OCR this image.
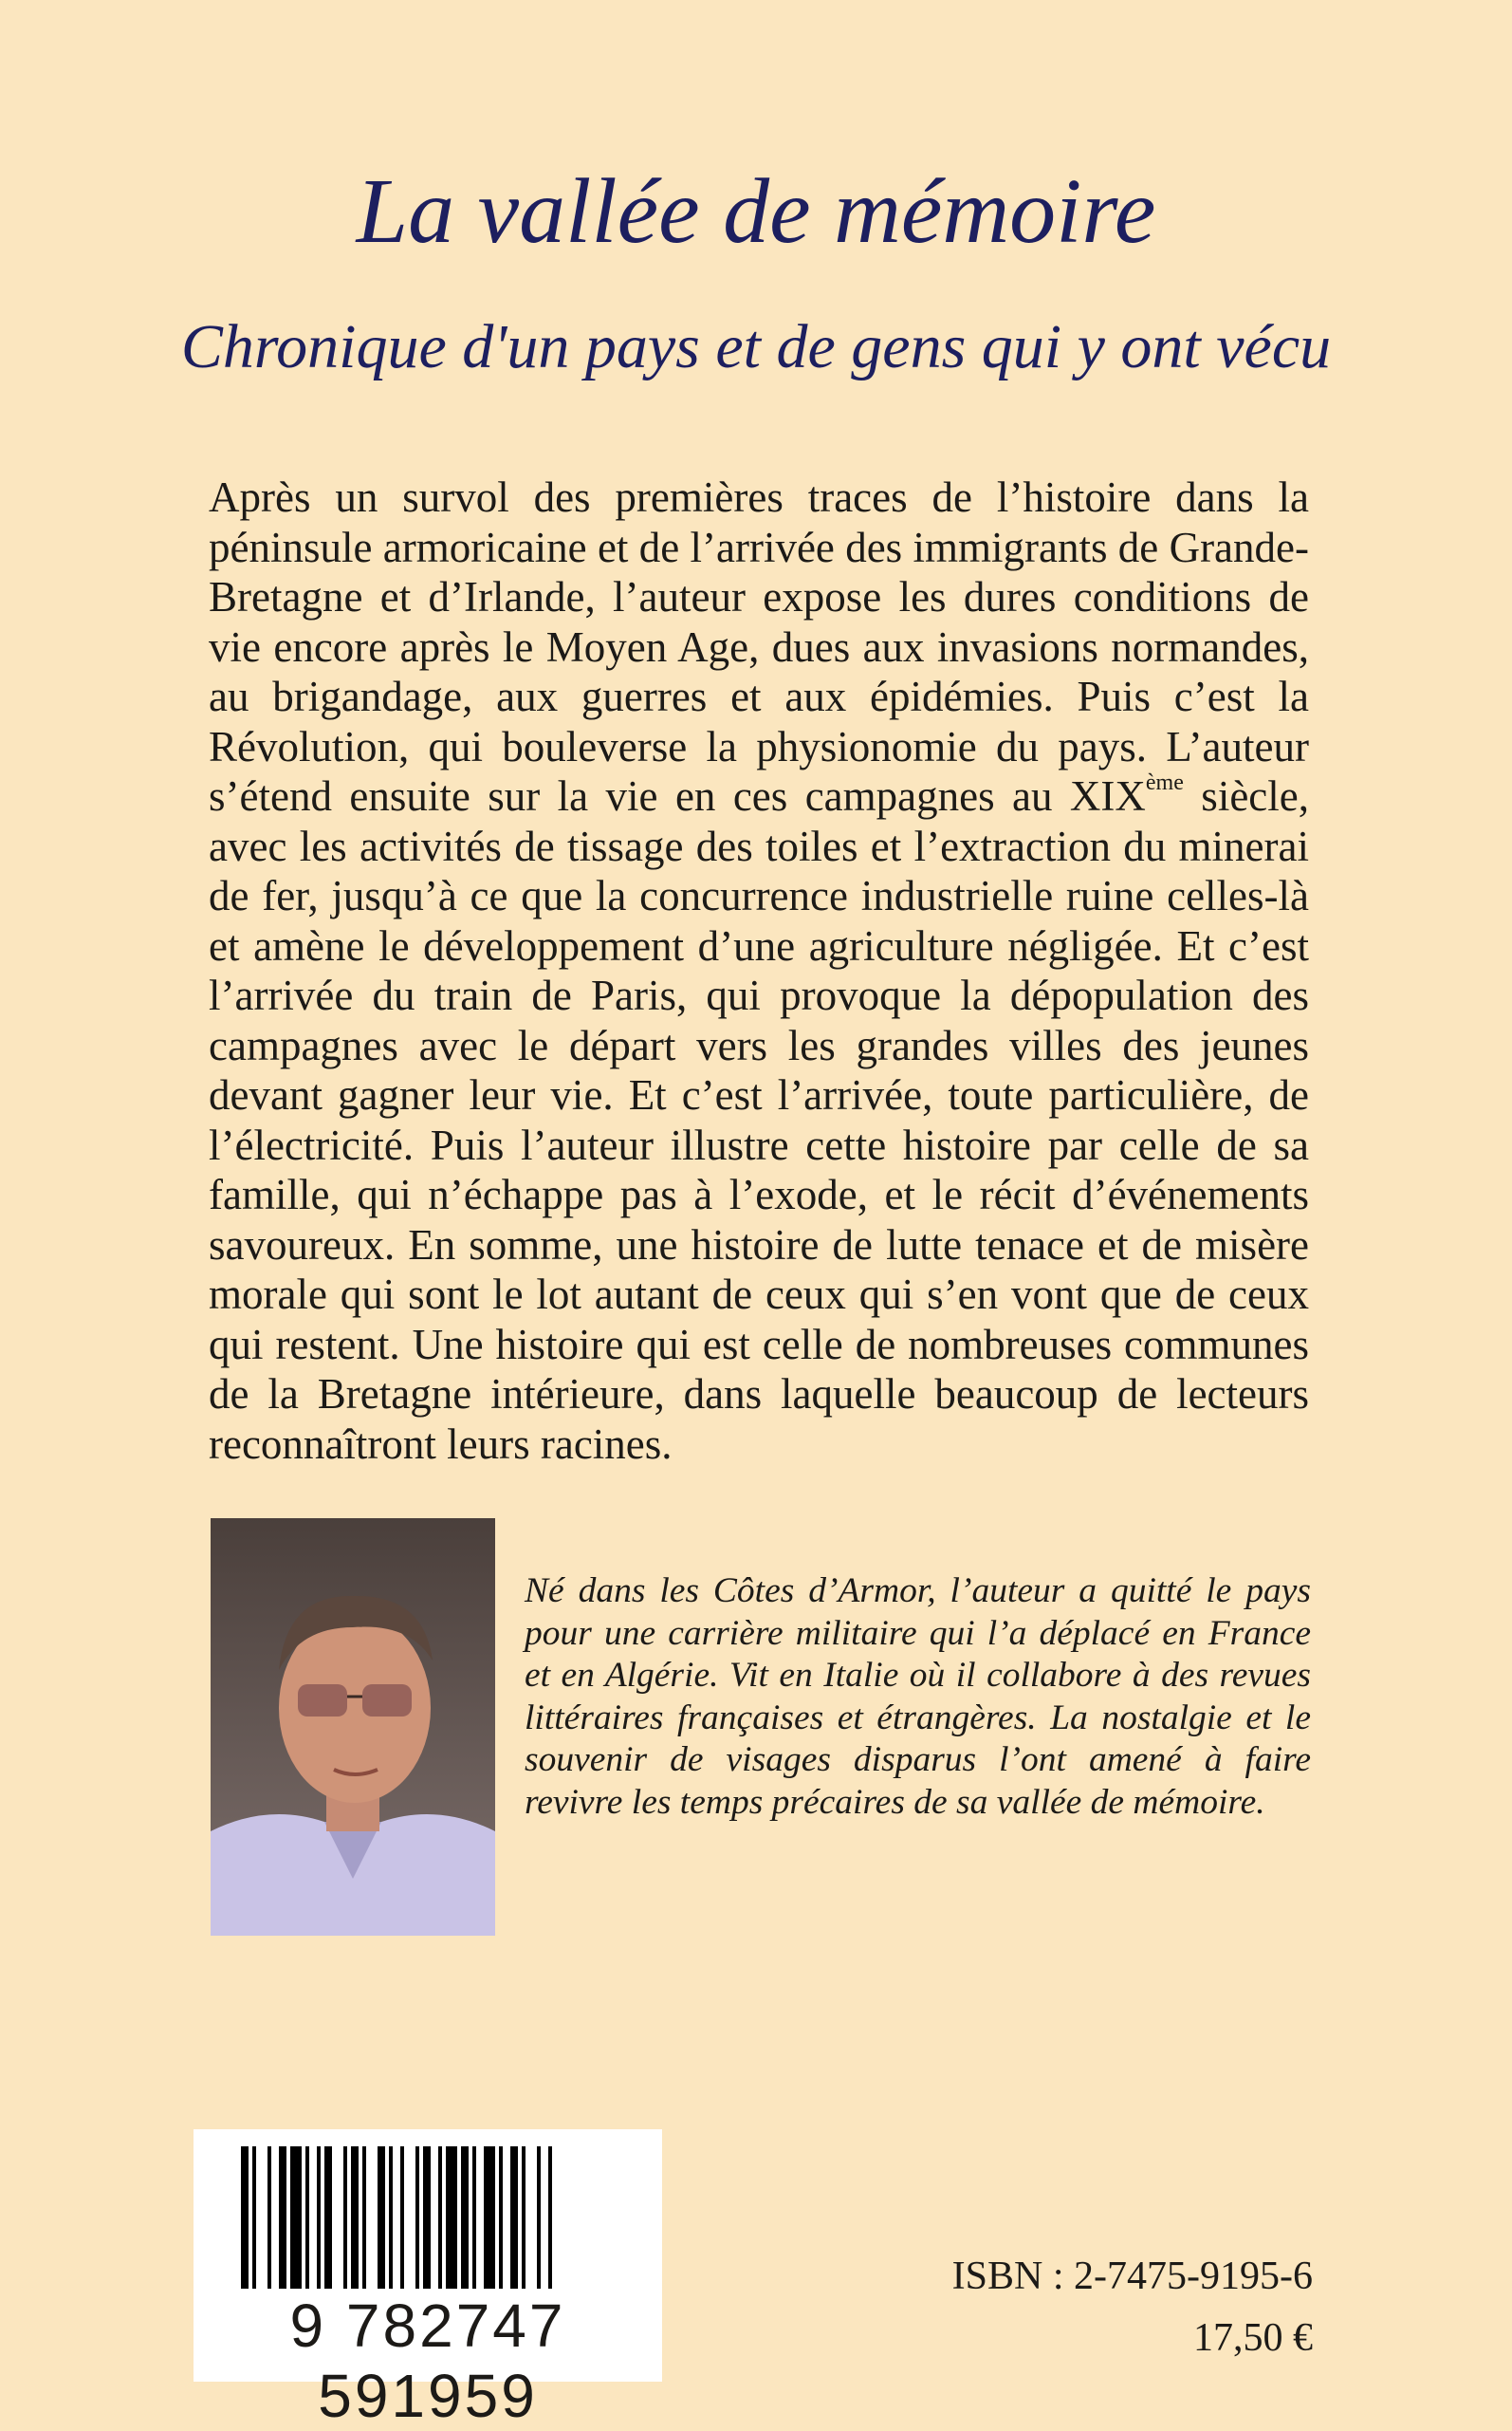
La vallée de mémoire

Chronique d'un pays et de gens qui y ont vécu

Après un survol des premières traces de l’histoire dans la péninsule armoricaine et de l’arrivée des immigrants de Grande-Bretagne et d’Irlande, l’auteur expose les dures conditions de vie encore après le Moyen Age, dues aux invasions normandes, au brigandage, aux guerres et aux épidémies. Puis c’est la Révolution, qui bouleverse la physionomie du pays. L’auteur s’étend ensuite sur la vie en ces campagnes au XIXème siècle, avec les activités de tissage des toiles et l’extraction du minerai de fer, jusqu’à ce que la concurrence industrielle ruine celles-là et amène le développement d’une agriculture négligée. Et c’est l’arrivée du train de Paris, qui provoque la dépopulation des campagnes avec le départ vers les grandes villes des jeunes devant gagner leur vie. Et c’est l’arrivée, toute particulière, de l’électricité. Puis l’auteur illustre cette histoire par celle de sa famille, qui n’échappe pas à l’exode, et le récit d’événements savoureux. En somme, une histoire de lutte tenace et de misère morale qui sont le lot autant de ceux qui s’en vont que de ceux qui restent. Une histoire qui est celle de nombreuses communes de la Bretagne intérieure, dans laquelle beaucoup de lecteurs reconnaîtront leurs racines.

Né dans les Côtes d’Armor, l’auteur a quitté le pays pour une carrière militaire qui l’a déplacé en France et en Algérie. Vit en Italie où il collabore à des revues littéraires françaises et étrangères. La nostalgie et le souvenir de visages disparus l’ont amené à faire revivre les temps précaires de sa vallée de mémoire.

9 782747 591959

ISBN : 2-7475-9195-6

17,50 €
